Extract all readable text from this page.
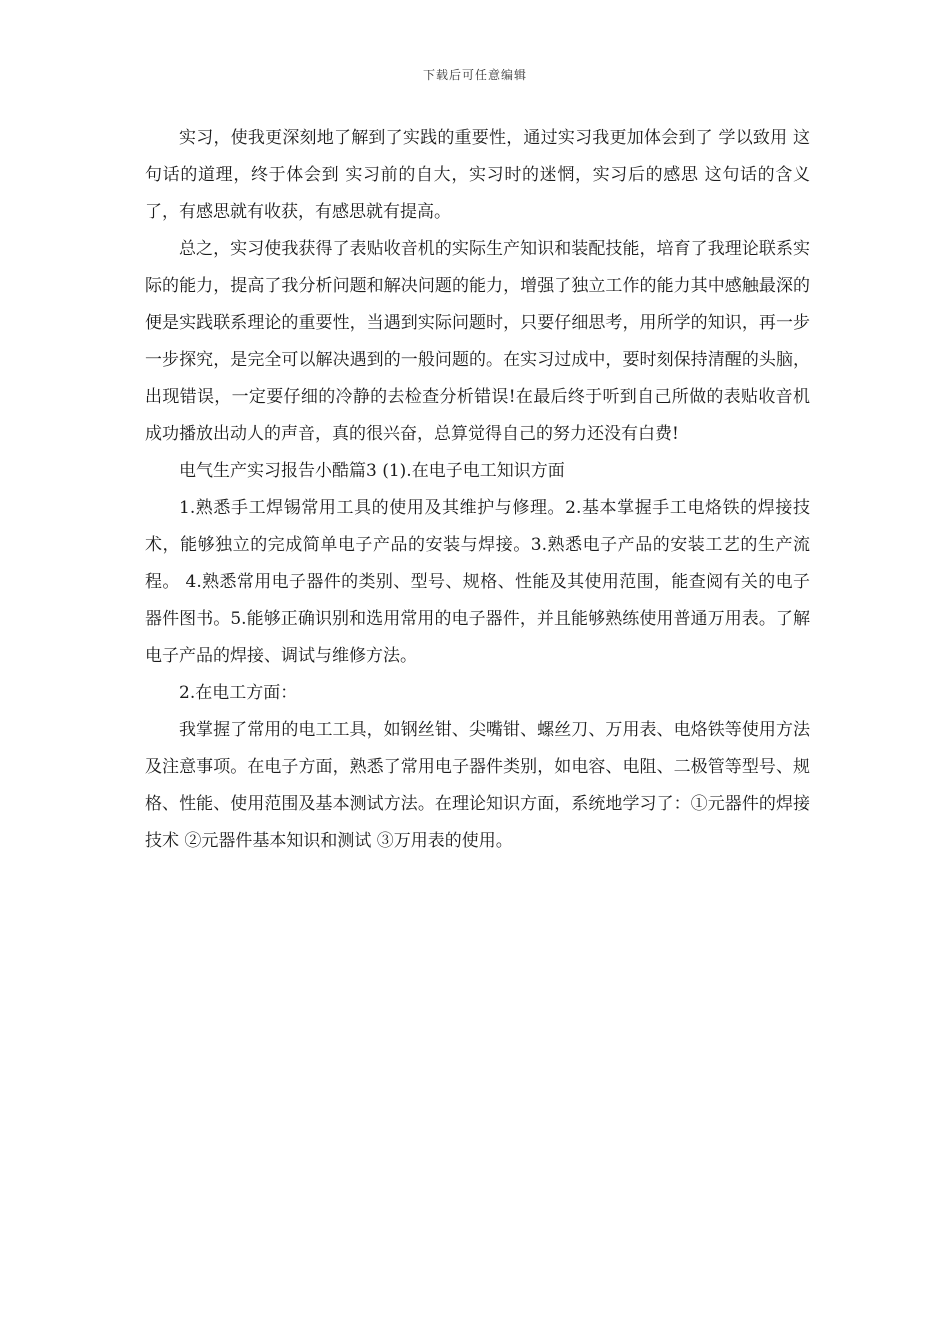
下载后可任意编辑

实习，使我更深刻地了解到了实践的重要性，通过实习我更加体会到了 学以致用 这句话的道理，终于体会到 实习前的自大，实习时的迷惘，实习后的感思 这句话的含义了，有感思就有收获，有感思就有提高。

总之，实习使我获得了表贴收音机的实际生产知识和装配技能，培育了我理论联系实际的能力，提高了我分析问题和解决问题的能力，增强了独立工作的能力其中感触最深的便是实践联系理论的重要性，当遇到实际问题时，只要仔细思考，用所学的知识，再一步一步探究，是完全可以解决遇到的一般问题的。在实习过成中，要时刻保持清醒的头脑，出现错误，一定要仔细的冷静的去检查分析错误!在最后终于听到自己所做的表贴收音机成功播放出动人的声音，真的很兴奋，总算觉得自己的努力还没有白费!

电气生产实习报告小酷篇3 (1).在电子电工知识方面

1.熟悉手工焊锡常用工具的使用及其维护与修理。2.基本掌握手工电烙铁的焊接技术，能够独立的完成简单电子产品的安装与焊接。3.熟悉电子产品的安装工艺的生产流程。 4.熟悉常用电子器件的类别、型号、规格、性能及其使用范围，能查阅有关的电子器件图书。5.能够正确识别和选用常用的电子器件，并且能够熟练使用普通万用表。了解电子产品的焊接、调试与维修方法。

2.在电工方面：

我掌握了常用的电工工具，如钢丝钳、尖嘴钳、螺丝刀、万用表、电烙铁等使用方法及注意事项。在电子方面，熟悉了常用电子器件类别，如电容、电阻、二极管等型号、规格、性能、使用范围及基本测试方法。在理论知识方面，系统地学习了：①元器件的焊接技术 ②元器件基本知识和测试 ③万用表的使用。
